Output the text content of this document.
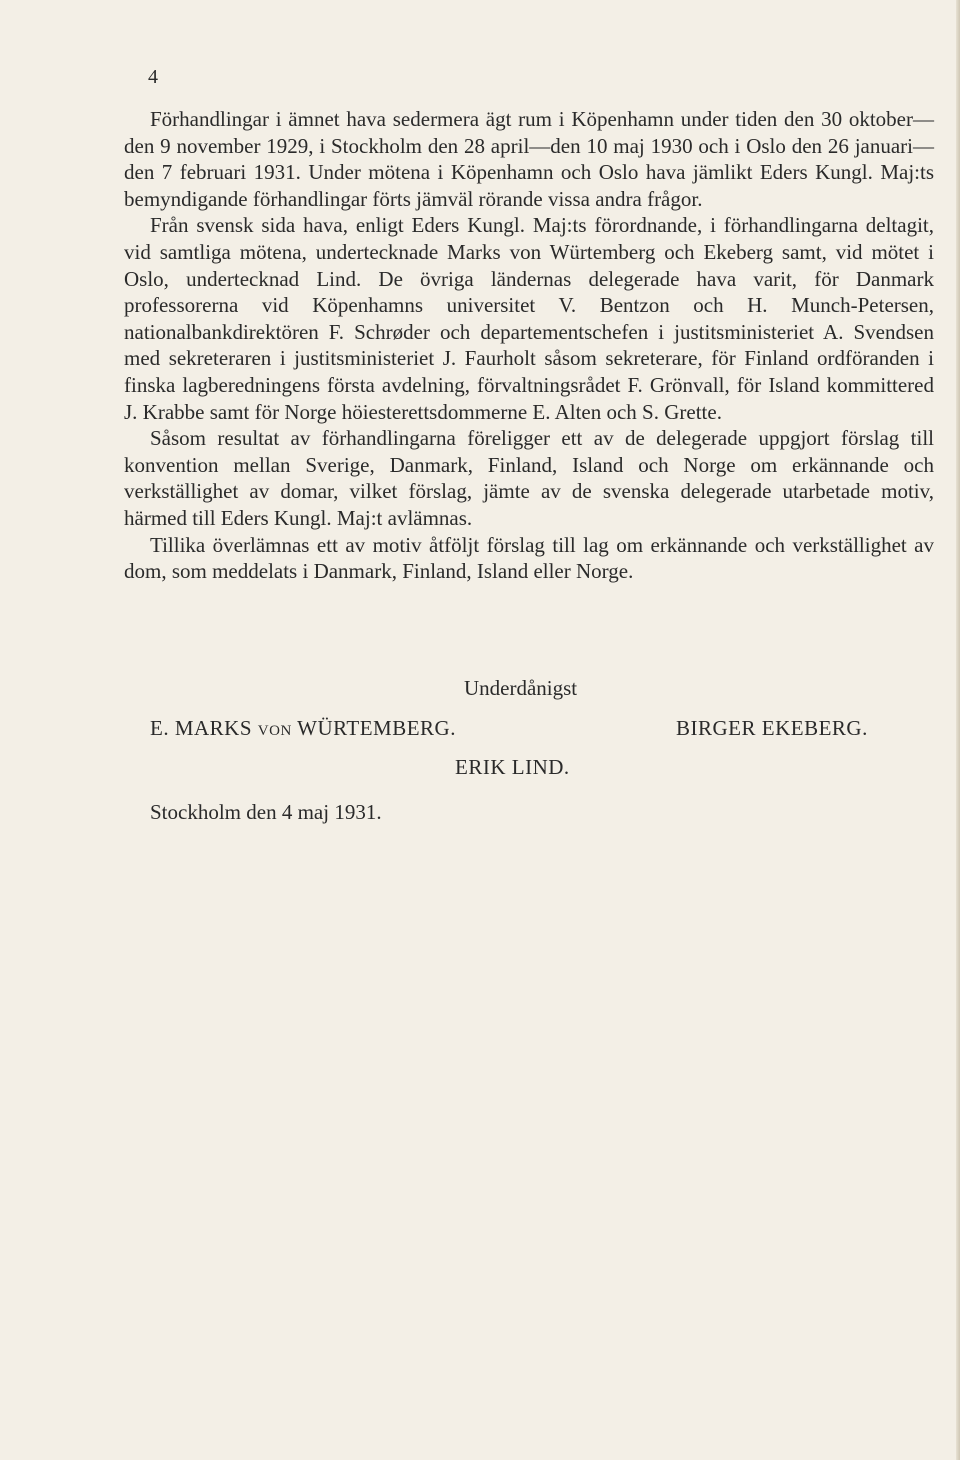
4

Förhandlingar i ämnet hava sedermera ägt rum i Köpenhamn under tiden den 30 oktober—den 9 november 1929, i Stockholm den 28 april—den 10 maj 1930 och i Oslo den 26 januari—den 7 februari 1931. Under mötena i Köpenhamn och Oslo hava jämlikt Eders Kungl. Maj:ts bemyndigande förhandlingar förts jämväl rörande vissa andra frågor.

Från svensk sida hava, enligt Eders Kungl. Maj:ts förordnande, i förhandlingarna deltagit, vid samtliga mötena, undertecknade Marks von Würtemberg och Ekeberg samt, vid mötet i Oslo, undertecknad Lind. De övriga ländernas delegerade hava varit, för Danmark professorerna vid Köpenhamns universitet V. Bentzon och H. Munch-Petersen, nationalbankdirektören F. Schrøder och departementschefen i justitsministeriet A. Svendsen med sekreteraren i justitsministeriet J. Faurholt såsom sekreterare, för Finland ordföranden i finska lagberedningens första avdelning, förvaltningsrådet F. Grönvall, för Island kommittered J. Krabbe samt för Norge höiesterettsdommerne E. Alten och S. Grette.

Såsom resultat av förhandlingarna föreligger ett av de delegerade uppgjort förslag till konvention mellan Sverige, Danmark, Finland, Island och Norge om erkännande och verkställighet av domar, vilket förslag, jämte av de svenska delegerade utarbetade motiv, härmed till Eders Kungl. Maj:t avlämnas.

Tillika överlämnas ett av motiv åtföljt förslag till lag om erkännande och verkställighet av dom, som meddelats i Danmark, Finland, Island eller Norge.

Underdånigst
E. MARKS VON WÜRTEMBERG.	BIRGER EKEBERG.
ERIK LIND.
Stockholm den 4 maj 1931.
